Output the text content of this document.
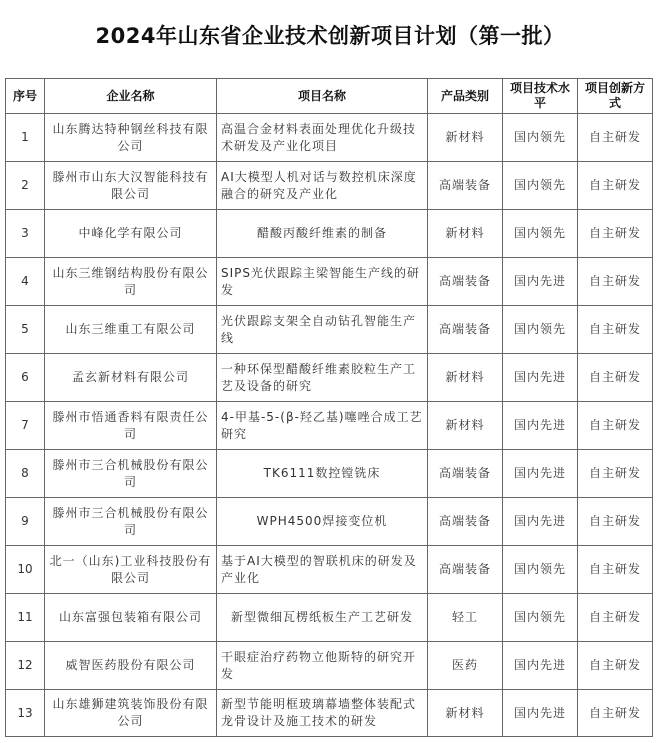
2024年山东省企业技术创新项目计划（第一批）
序号	企业名称	项目名称	产品类别	项目技术水平	项目创新方式
1	山东腾达特种钢丝科技有限公司	高温合金材料表面处理优化升级技术研发及产业化项目	新材料	国内领先	自主研发
2	滕州市山东大汉智能科技有限公司	AI大模型人机对话与数控机床深度融合的研究及产业化	高端装备	国内领先	自主研发
3	中峰化学有限公司	醋酸丙酸纤维素的制备	新材料	国内领先	自主研发
4	山东三维钢结构股份有限公司	SIPS光伏跟踪主梁智能生产线的研发	高端装备	国内先进	自主研发
5	山东三维重工有限公司	光伏跟踪支架全自动钻孔智能生产线	高端装备	国内领先	自主研发
6	孟玄新材料有限公司	一种环保型醋酸纤维素胶粒生产工艺及设备的研究	新材料	国内先进	自主研发
7	滕州市悟通香料有限责任公司	4-甲基-5-(β-羟乙基)噻唑合成工艺研究	新材料	国内先进	自主研发
8	滕州市三合机械股份有限公司	TK6111数控镗铣床	高端装备	国内先进	自主研发
9	滕州市三合机械股份有限公司	WPH4500焊接变位机	高端装备	国内先进	自主研发
10	北一（山东)工业科技股份有限公司	基于AI大模型的智联机床的研发及产业化	高端装备	国内领先	自主研发
11	山东富强包装箱有限公司	新型微细瓦楞纸板生产工艺研发	轻工	国内领先	自主研发
12	威智医药股份有限公司	干眼症治疗药物立他斯特的研究开发	医药	国内先进	自主研发
13	山东雄狮建筑装饰股份有限公司	新型节能明框玻璃幕墙整体装配式龙骨设计及施工技术的研发	新材料	国内先进	自主研发
